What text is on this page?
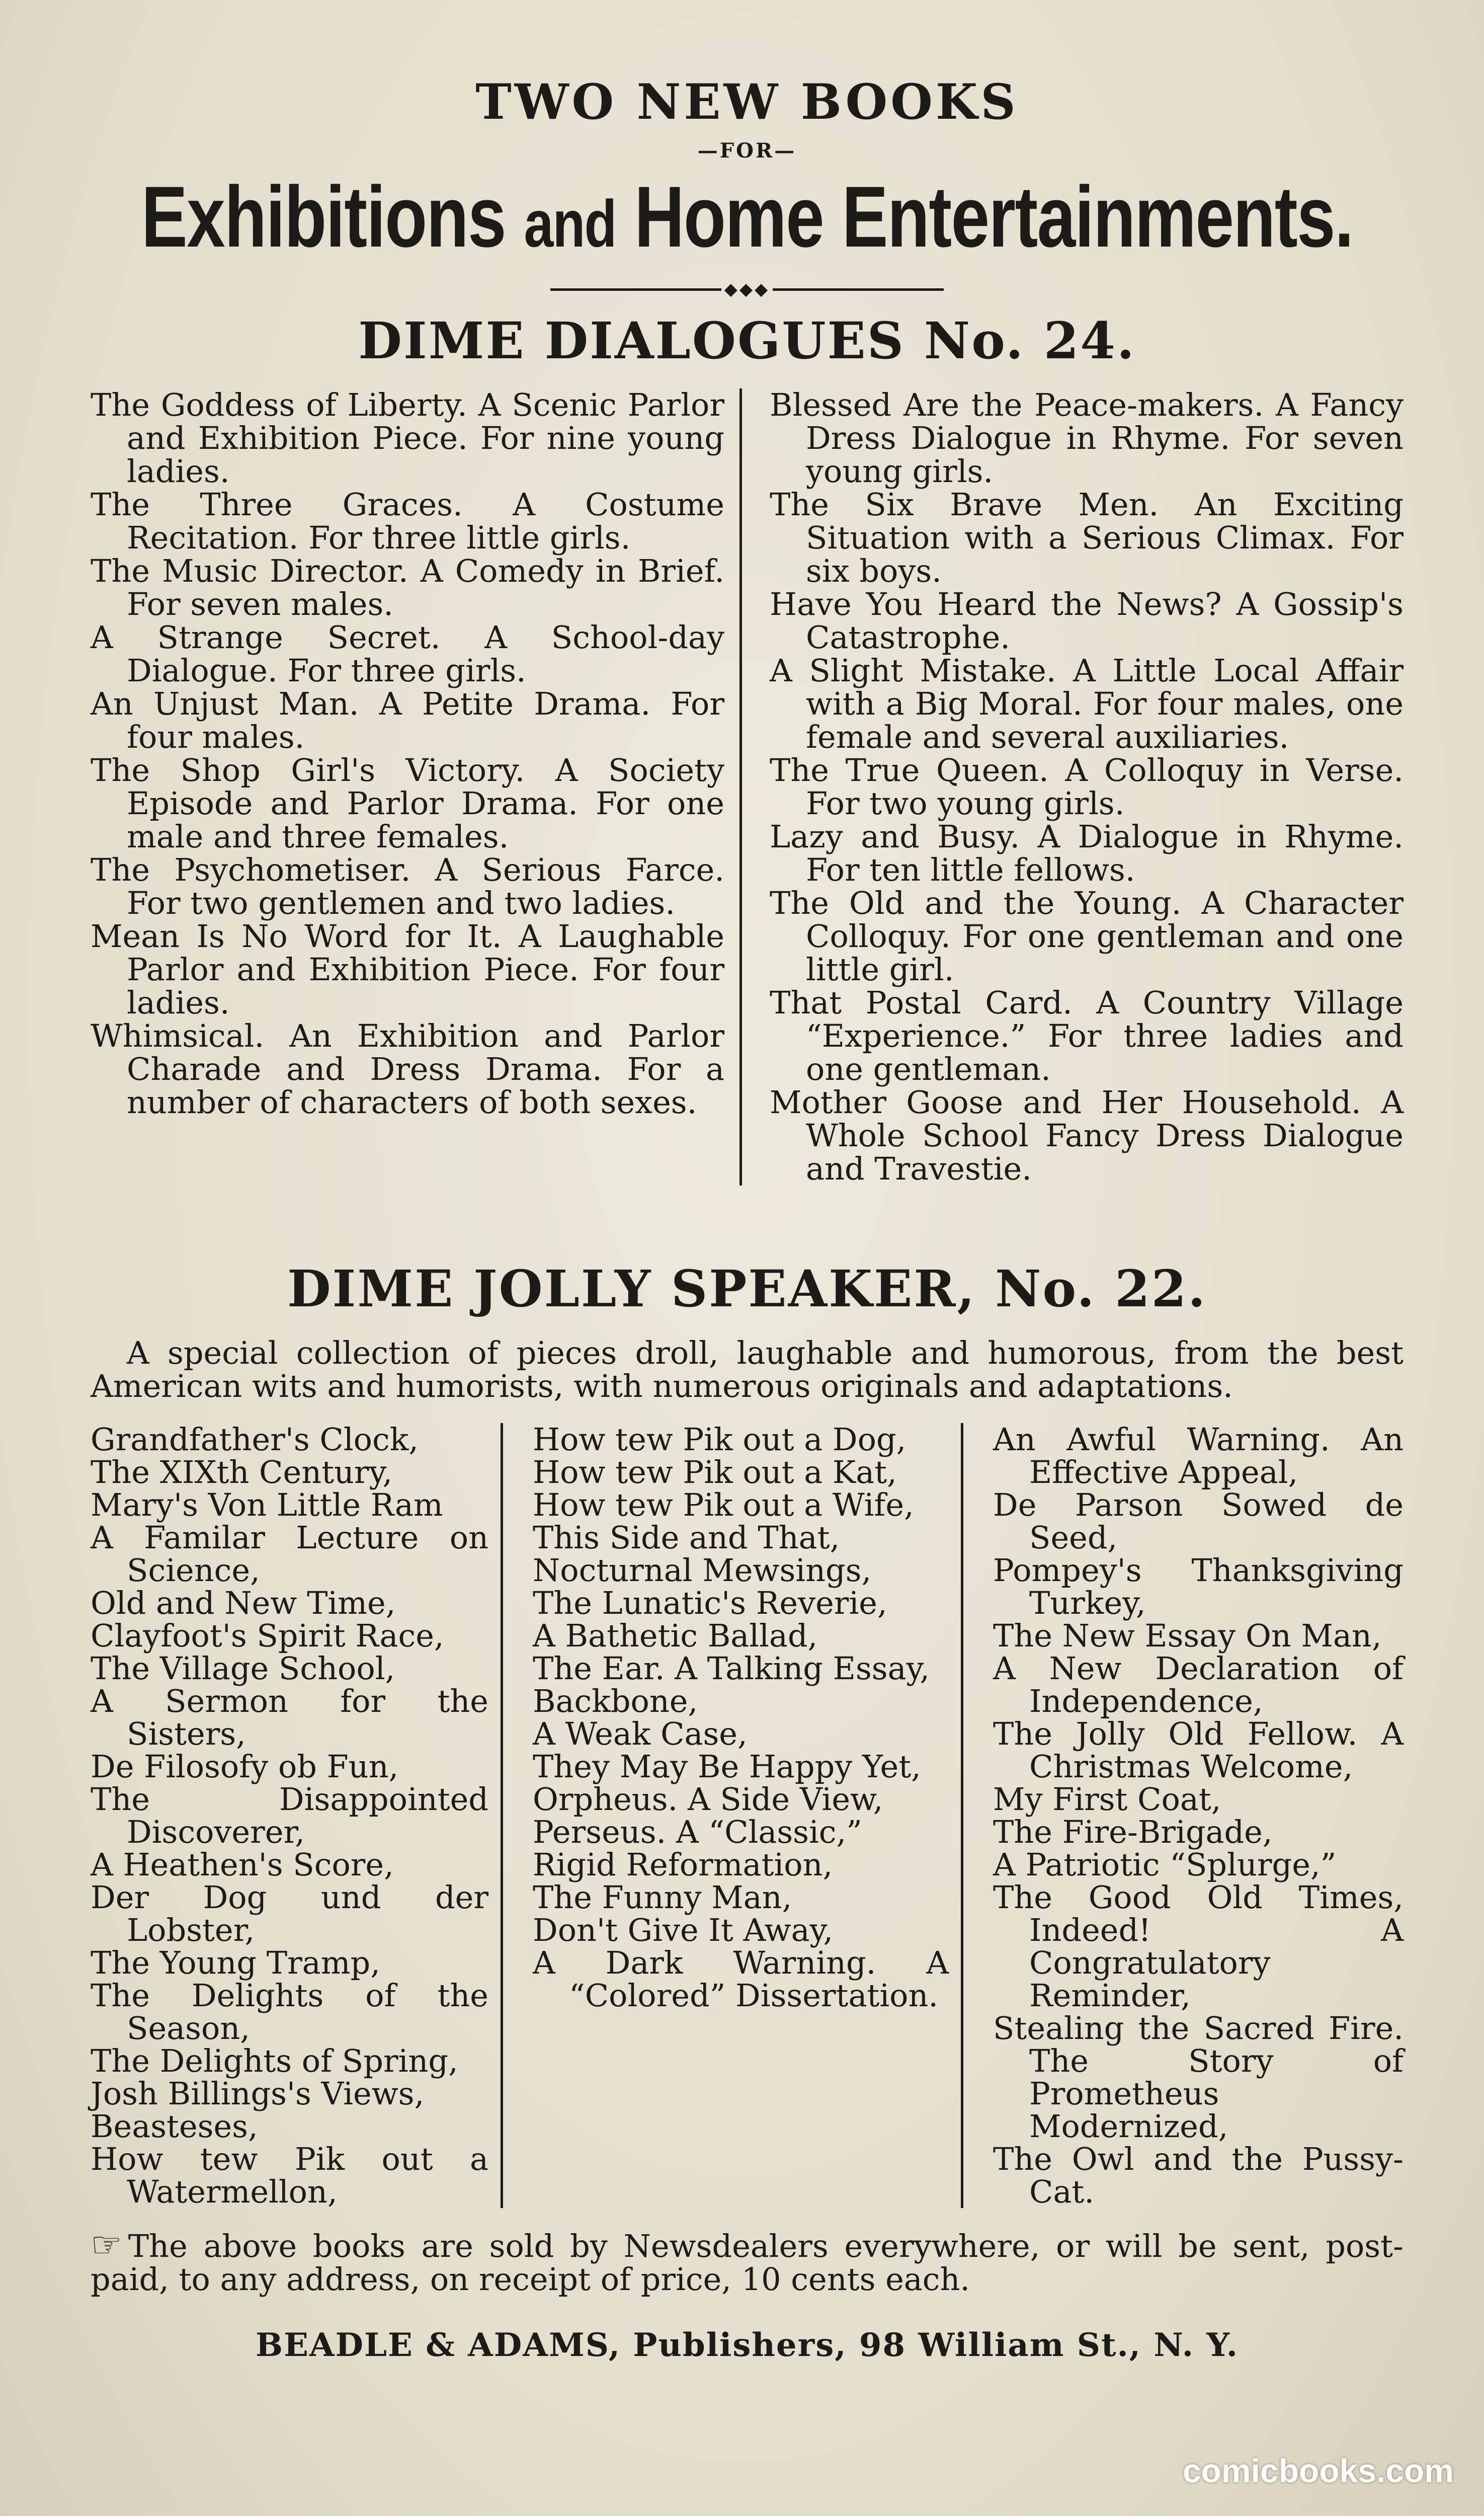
TWO NEW BOOKS
—FOR—
Exhibitions and Home Entertainments.
◆◆◆
DIME DIALOGUES No. 24.

The Goddess of Liberty. A Scenic Parlor and Exhibition Piece. For nine young ladies.

The Three Graces. A Costume Recitation. For three little girls.

The Music Director. A Comedy in Brief. For seven males.

A Strange Secret. A School-day Dialogue. For three girls.

An Unjust Man. A Petite Drama. For four males.

The Shop Girl's Victory. A Society Episode and Parlor Drama. For one male and three females.

The Psychometiser. A Serious Farce. For two gentlemen and two ladies.

Mean Is No Word for It. A Laughable Parlor and Exhibition Piece. For four ladies.

Whimsical. An Exhibition and Parlor Charade and Dress Drama. For a number of characters of both sexes.

Blessed Are the Peace-makers. A Fancy Dress Dialogue in Rhyme. For seven young girls.

The Six Brave Men. An Exciting Situation with a Serious Climax. For six boys.

Have You Heard the News? A Gossip's Catastrophe.

A Slight Mistake. A Little Local Affair with a Big Moral. For four males, one female and several auxiliaries.

The True Queen. A Colloquy in Verse. For two young girls.

Lazy and Busy. A Dialogue in Rhyme. For ten little fellows.

The Old and the Young. A Character Colloquy. For one gentleman and one little girl.

That Postal Card. A Country Village “Experience.” For three ladies and one gentleman.

Mother Goose and Her Household. A Whole School Fancy Dress Dialogue and Travestie.

DIME JOLLY SPEAKER, No. 22.

A special collection of pieces droll, laughable and humorous, from the best American wits and humorists, with numerous originals and adaptations.

Grandfather's Clock,

The XIXth Century,

Mary's Von Little Ram

A Familar Lecture on Science,

Old and New Time,

Clayfoot's Spirit Race,

The Village School,

A Sermon for the Sisters,

De Filosofy ob Fun,

The Disappointed Discoverer,

A Heathen's Score,

Der Dog und der Lobster,

The Young Tramp,

The Delights of the Season,

The Delights of Spring,

Josh Billings's Views,

Beasteses,

How tew Pik out a Watermellon,

How tew Pik out a Dog,

How tew Pik out a Kat,

How tew Pik out a Wife,

This Side and That,

Nocturnal Mewsings,

The Lunatic's Reverie,

A Bathetic Ballad,

The Ear. A Talking Essay,

Backbone,

A Weak Case,

They May Be Happy Yet,

Orpheus. A Side View,

Perseus. A “Classic,”

Rigid Reformation,

The Funny Man,

Don't Give It Away,

A Dark Warning. A “Colored” Dissertation.

An Awful Warning. An Effective Appeal,

De Parson Sowed de Seed,

Pompey's Thanksgiving Turkey,

The New Essay On Man,

A New Declaration of Independence,

The Jolly Old Fellow. A Christmas Welcome,

My First Coat,

The Fire-Brigade,

A Patriotic “Splurge,”

The Good Old Times, Indeed! A Congratulatory Reminder,

Stealing the Sacred Fire. The Story of Prometheus Modernized,

The Owl and the Pussy-Cat.

☞ The above books are sold by Newsdealers everywhere, or will be sent, post-paid, to any address, on receipt of price, 10 cents each.

BEADLE & ADAMS, Publishers, 98 William St., N. Y.
comicbooks.com
